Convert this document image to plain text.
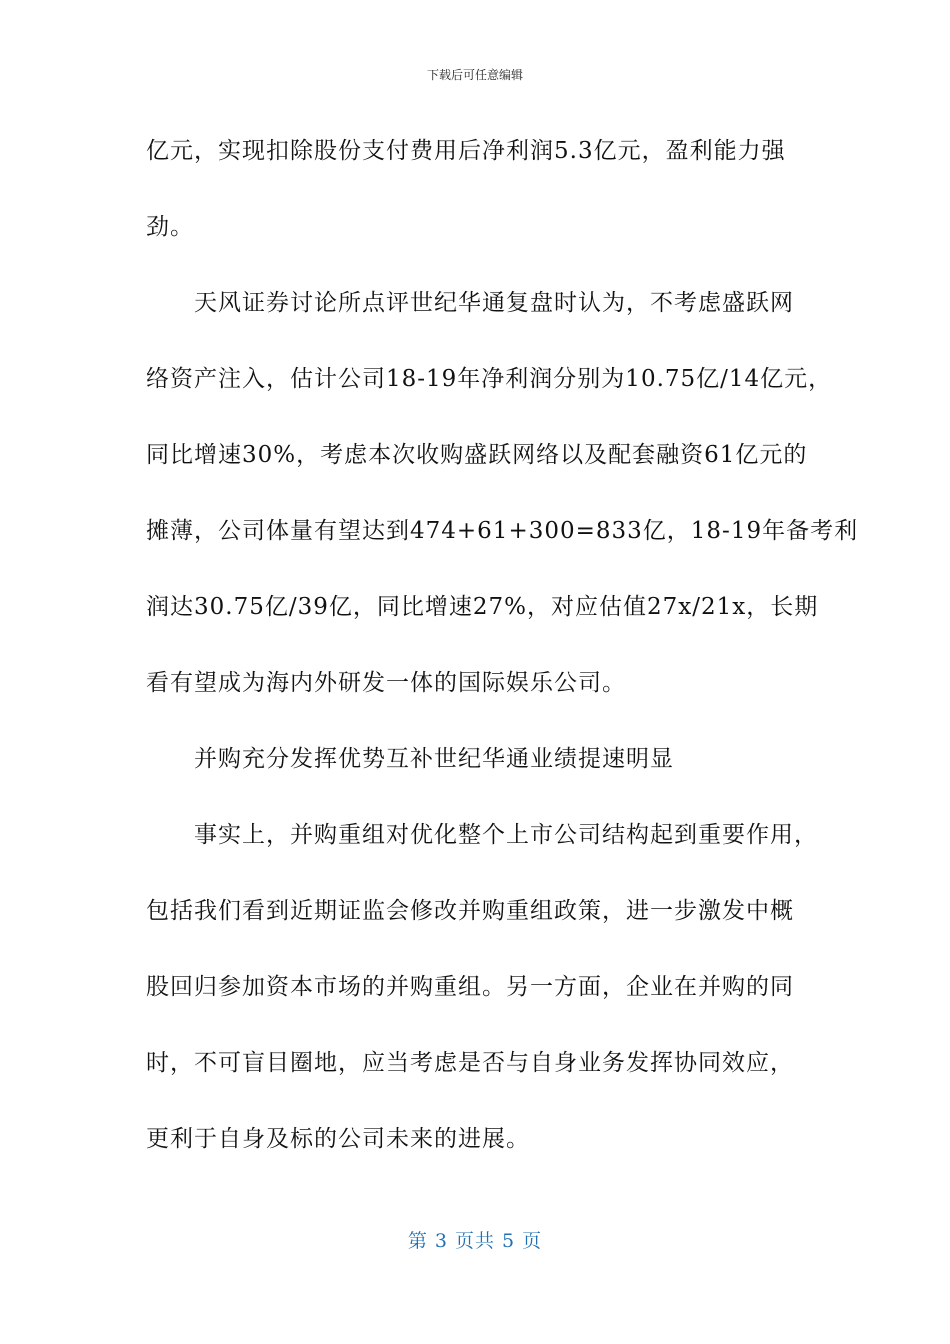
下载后可任意编辑
亿元，实现扣除股份支付费用后净利润5.3亿元，盈利能力强
劲。
天风证券讨论所点评世纪华通复盘时认为，不考虑盛跃网
络资产注入，估计公司18-19年净利润分别为10.75亿/14亿元，
同比增速30%，考虑本次收购盛跃网络以及配套融资61亿元的
摊薄，公司体量有望达到474+61+300=833亿，18-19年备考利
润达30.75亿/39亿，同比增速27%，对应估值27x/21x，长期
看有望成为海内外研发一体的国际娱乐公司。
并购充分发挥优势互补世纪华通业绩提速明显
事实上，并购重组对优化整个上市公司结构起到重要作用，
包括我们看到近期证监会修改并购重组政策，进一步激发中概
股回归参加资本市场的并购重组。另一方面，企业在并购的同
时，不可盲目圈地，应当考虑是否与自身业务发挥协同效应，
更利于自身及标的公司未来的进展。
第 3 页共 5 页
